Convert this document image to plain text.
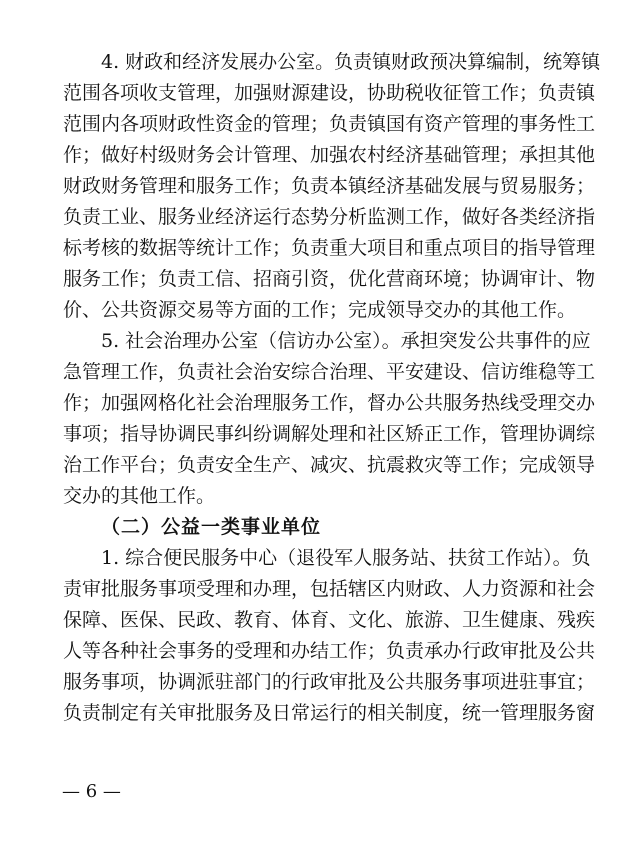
4. 财政和经济发展办公室。负责镇财政预决算编制，统筹镇
范围各项收支管理，加强财源建设，协助税收征管工作；负责镇
范围内各项财政性资金的管理；负责镇国有资产管理的事务性工
作；做好村级财务会计管理、加强农村经济基础管理；承担其他
财政财务管理和服务工作；负责本镇经济基础发展与贸易服务；
负责工业、服务业经济运行态势分析监测工作，做好各类经济指
标考核的数据等统计工作；负责重大项目和重点项目的指导管理
服务工作；负责工信、招商引资，优化营商环境；协调审计、物
价、公共资源交易等方面的工作；完成领导交办的其他工作。
5. 社会治理办公室（信访办公室）。承担突发公共事件的应
急管理工作，负责社会治安综合治理、平安建设、信访维稳等工
作；加强网格化社会治理服务工作，督办公共服务热线受理交办
事项；指导协调民事纠纷调解处理和社区矫正工作，管理协调综
治工作平台；负责安全生产、减灾、抗震救灾等工作；完成领导
交办的其他工作。
（二）公益一类事业单位
1. 综合便民服务中心（退役军人服务站、扶贫工作站）。负
责审批服务事项受理和办理，包括辖区内财政、人力资源和社会
保障、医保、民政、教育、体育、文化、旅游、卫生健康、残疾
人等各种社会事务的受理和办结工作；负责承办行政审批及公共
服务事项，协调派驻部门的行政审批及公共服务事项进驻事宜；
负责制定有关审批服务及日常运行的相关制度，统一管理服务窗
— 6 —
